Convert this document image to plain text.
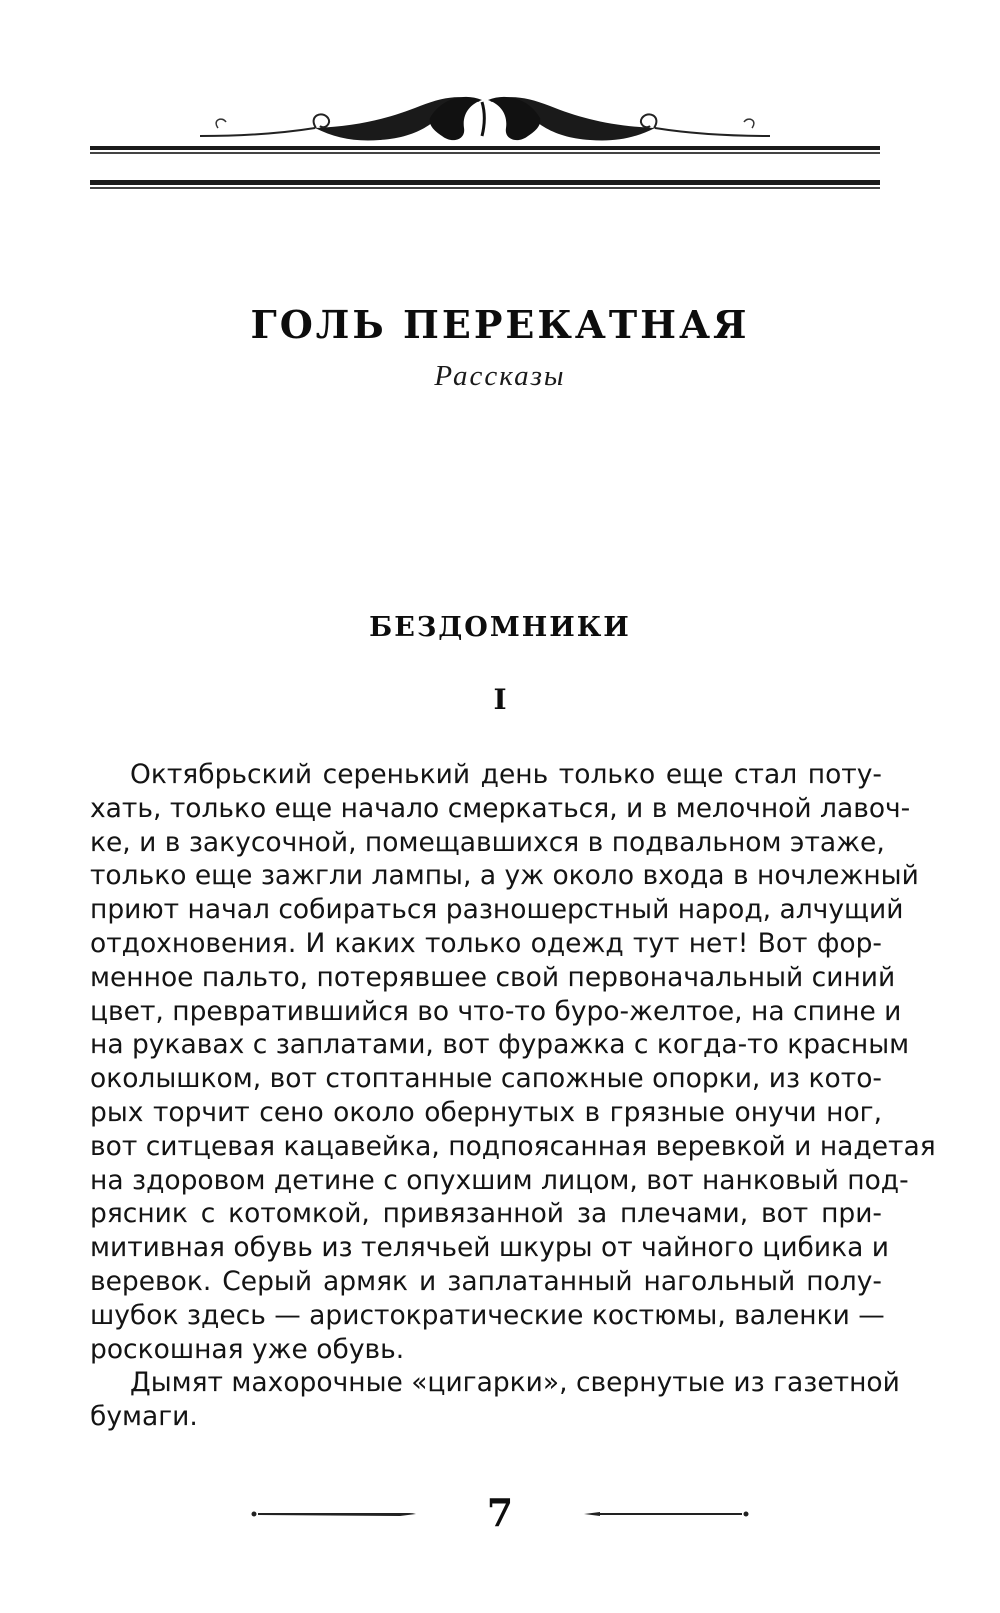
ГОЛЬ ПЕРЕКАТНАЯ
Рассказы
БЕЗДОМНИКИ
I
Октябрьский серенький день только еще стал поту-
хать, только еще начало смеркаться, и в мелочной лавоч-
ке, и в закусочной, помещавшихся в подвальном этаже,
только еще зажгли лампы, а уж около входа в ночлежный
приют начал собираться разношерстный народ, алчущий
отдохновения. И каких только одежд тут нет! Вот фор-
менное пальто, потерявшее свой первоначальный синий
цвет, превратившийся во что-то буро-желтое, на спине и
на рукавах с заплатами, вот фуражка с когда-то красным
околышком, вот стоптанные сапожные опорки, из кото-
рых торчит сено около обернутых в грязные онучи ног,
вот ситцевая кацавейка, подпоясанная веревкой и надетая
на здоровом детине с опухшим лицом, вот нанковый под-
рясник с котомкой, привязанной за плечами, вот при-
митивная обувь из телячьей шкуры от чайного цибика и
веревок. Серый армяк и заплатанный нагольный полу-
шубок здесь — аристократические костюмы, валенки —
роскошная уже обувь.
Дымят махорочные «цигарки», свернутые из газетной
бумаги.
7
